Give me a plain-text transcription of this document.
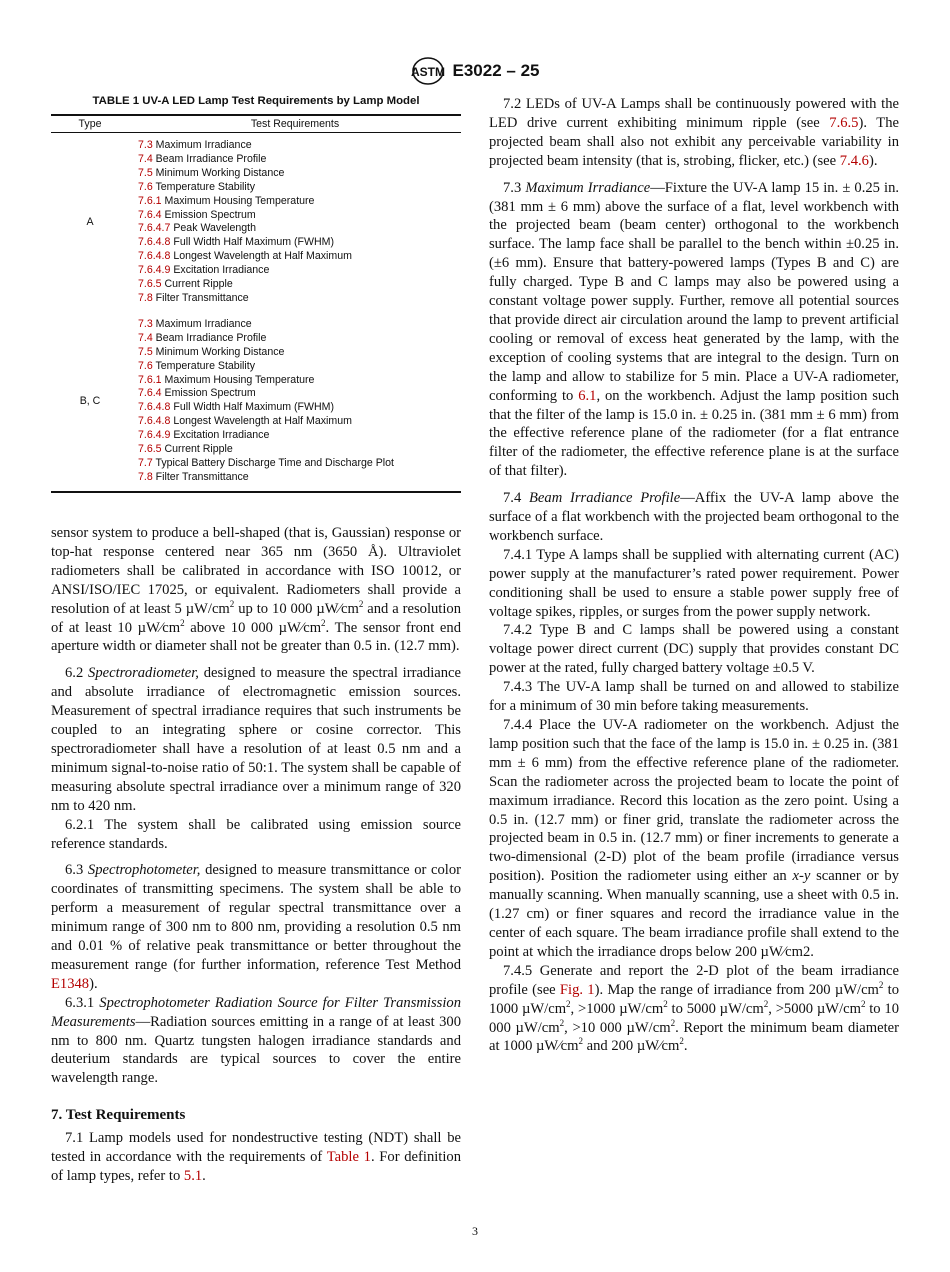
ASTM E3022 – 25
TABLE 1 UV-A LED Lamp Test Requirements by Lamp Model
Type	Test Requirements
A	
7.3 Maximum Irradiance
7.4 Beam Irradiance Profile
7.5 Minimum Working Distance
7.6 Temperature Stability
7.6.1 Maximum Housing Temperature
7.6.4 Emission Spectrum
7.6.4.7 Peak Wavelength
7.6.4.8 Full Width Half Maximum (FWHM)
7.6.4.8 Longest Wavelength at Half Maximum
7.6.4.9 Excitation Irradiance
7.6.5 Current Ripple
7.8 Filter Transmittance

B, C	
7.3 Maximum Irradiance
7.4 Beam Irradiance Profile
7.5 Minimum Working Distance
7.6 Temperature Stability
7.6.1 Maximum Housing Temperature
7.6.4 Emission Spectrum
7.6.4.8 Full Width Half Maximum (FWHM)
7.6.4.8 Longest Wavelength at Half Maximum
7.6.4.9 Excitation Irradiance
7.6.5 Current Ripple
7.7 Typical Battery Discharge Time and Discharge Plot
7.8 Filter Transmittance

sensor system to produce a bell-shaped (that is, Gaussian) response or top-hat response centered near 365 nm (3650 Å). Ultraviolet radiometers shall be calibrated in accordance with ISO 10012, or ANSI/ISO/IEC 17025, or equivalent. Radiometers shall provide a resolution of at least 5 $\mu W/cm^2$ up to 10 000 $\mu W⁄cm^2$ and a resolution of at least 10 $\mu W⁄cm^2$ above 10 000 $\mu W⁄cm^2$. The sensor front end aperture width or diameter shall not be greater than 0.5 in. (12.7 mm).

6.2 Spectroradiometer, designed to measure the spectral irradiance and absolute irradiance of electromagnetic emission sources. Measurement of spectral irradiance requires that such instruments be coupled to an integrating sphere or cosine corrector. This spectroradiometer shall have a resolution of at least 0.5 nm and a minimum signal-to-noise ratio of 50:1. The system shall be capable of measuring absolute spectral irradiance over a minimum range of 320 nm to 420 nm.

6.2.1 The system shall be calibrated using emission source reference standards.

6.3 Spectrophotometer, designed to measure transmittance or color coordinates of transmitting specimens. The system shall be able to perform a measurement of regular spectral transmittance over a minimum range of 300 nm to 800 nm, providing a resolution 0.5 nm and 0.01 % of relative peak transmittance or better throughout the measurement range (for further information, reference Test Method E1348).

6.3.1 Spectrophotometer Radiation Source for Filter Transmission Measurements—Radiation sources emitting in a range of at least 300 nm to 800 nm. Quartz tungsten halogen irradiance standards and deuterium standards are typical sources to cover the entire wavelength range.

7. Test Requirements

7.1 Lamp models used for nondestructive testing (NDT) shall be tested in accordance with the requirements of Table 1. For definition of lamp types, refer to 5.1.

7.2 LEDs of UV-A Lamps shall be continuously powered with the LED drive current exhibiting minimum ripple (see 7.6.5). The projected beam shall also not exhibit any perceivable variability in projected beam intensity (that is, strobing, flicker, etc.) (see 7.4.6).

7.3 Maximum Irradiance—Fixture the UV-A lamp 15 in. ± 0.25 in. (381 mm ± 6 mm) above the surface of a flat, level workbench with the projected beam (beam center) orthogonal to the workbench surface. The lamp face shall be parallel to the bench within ±0.25 in. (±6 mm). Ensure that battery-powered lamps (Types B and C) are fully charged. Type B and C lamps may also be powered using a constant voltage power supply. Further, remove all potential sources that provide direct air circulation around the lamp to prevent artificial cooling or removal of excess heat generated by the lamp, with the exception of cooling systems that are integral to the design. Turn on the lamp and allow to stabilize for 5 min. Place a UV-A radiometer, conforming to 6.1, on the workbench. Adjust the lamp position such that the filter of the lamp is 15.0 in. ± 0.25 in. (381 mm ± 6 mm) from the effective reference plane of the radiometer (for a flat entrance filter of the radiometer, the effective reference plane is at the surface of that filter).

7.4 Beam Irradiance Profile—Affix the UV-A lamp above the surface of a flat workbench with the projected beam orthogonal to the workbench surface.

7.4.1 Type A lamps shall be supplied with alternating current (AC) power supply at the manufacturer’s rated power requirement. Power conditioning shall be used to ensure a stable power supply free of voltage spikes, ripples, or surges from the power supply network.

7.4.2 Type B and C lamps shall be powered using a constant voltage power direct current (DC) supply that provides constant DC power at the rated, fully charged battery voltage ±0.5 V.

7.4.3 The UV-A lamp shall be turned on and allowed to stabilize for a minimum of 30 min before taking measurements.

7.4.4 Place the UV-A radiometer on the workbench. Adjust the lamp position such that the face of the lamp is 15.0 in. ± 0.25 in. (381 mm ± 6 mm) from the effective reference plane of the radiometer. Scan the radiometer across the projected beam to locate the point of maximum irradiance. Record this location as the zero point. Using a 0.5 in. (12.7 mm) or finer grid, translate the radiometer across the projected beam in 0.5 in. (12.7 mm) or finer increments to generate a two-dimensional (2-D) plot of the beam profile (irradiance versus position). Position the radiometer using either an x-y scanner or by manually scanning. When manually scanning, use a sheet with 0.5 in. (1.27 cm) or finer squares and record the irradiance value in the center of each square. The beam irradiance profile shall extend to the point at which the irradiance drops below 200 µW⁄cm2.

7.4.5 Generate and report the 2-D plot of the beam irradiance profile (see Fig. 1). Map the range of irradiance from 200 $\mu W/cm^2$ to 1000 $\mu W/cm^2$, >1000 $\mu W/cm^2$ to 5000 $\mu W/cm^2$, >5000 $\mu W/cm^2$ to 10 000 $\mu W/cm^2$, >10 000 $\mu W/cm^2$. Report the minimum beam diameter at 1000 $\mu W⁄cm^2$ and 200 $\mu W⁄cm^2$.

3
